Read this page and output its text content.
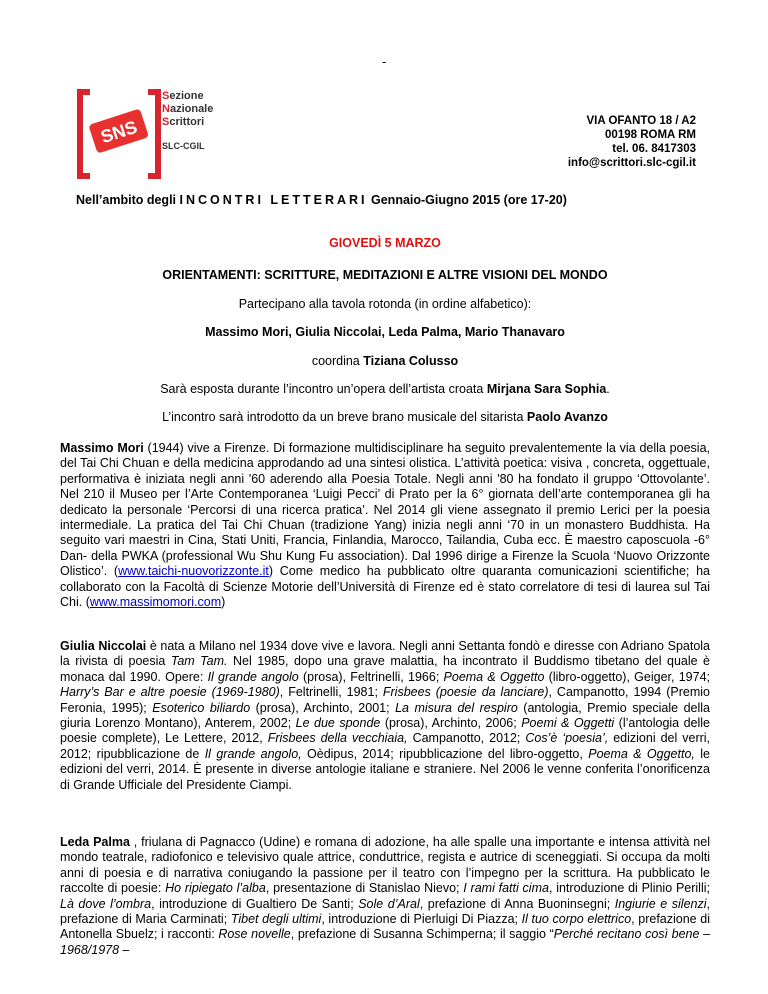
-
SNS
Sezione
Nazionale
Scrittori
SLC-CGIL
VIA OFANTO 18 / A2
00198 ROMA RM
tel. 06. 8417303
info@scrittori.slc-cgil.it
Nell’ambito degli INCONTRI LETTERARI Gennaio-Giugno 2015 (ore 17-20)
GIOVEDÌ 5 MARZO
ORIENTAMENTI: SCRITTURE, MEDITAZIONI E ALTRE VISIONI DEL MONDO
Partecipano alla tavola rotonda (in ordine alfabetico):
Massimo Mori, Giulia Niccolai, Leda Palma, Mario Thanavaro
coordina Tiziana Colusso
Sarà esposta durante l’incontro un’opera dell’artista croata Mirjana Sara Sophia.
L’incontro sarà introdotto da un breve brano musicale del sitarista Paolo Avanzo

Massimo Mori (1944) vive a Firenze. Di formazione multidisciplinare ha seguito prevalentemente la via della poesia, del Tai Chi Chuan e della medicina approdando ad una sintesi olistica. L’attività poetica: visiva , concreta, oggettuale, performativa è iniziata negli anni '60 aderendo alla Poesia Totale. Negli anni '80 ha fondato il gruppo ‘Ottovolante’. Nel 210 il Museo per l’Arte Contemporanea ‘Luigi Pecci’ di Prato per la 6° giornata dell’arte contemporanea gli ha dedicato la personale ‘Percorsi di una ricerca pratica’. Nel 2014 gli viene assegnato il premio Lerici per la poesia intermediale. La pratica del Tai Chi Chuan (tradizione Yang) inizia negli anni ‘70 in un monastero Buddhista. Ha seguito vari maestri in Cina, Stati Uniti, Francia, Finlandia, Marocco, Tailandia, Cuba ecc. È maestro caposcuola -6° Dan- della PWKA (professional Wu Shu Kung Fu association). Dal 1996 dirige a Firenze la Scuola ‘Nuovo Orizzonte Olistico’. (www.taichi-nuovorizzonte.it) Come medico ha pubblicato oltre quaranta comunicazioni scientifiche; ha collaborato con la Facoltà di Scienze Motorie dell’Università di Firenze ed è stato correlatore di tesi di laurea sul Tai Chi. (www.massimomori.com)

Giulia Niccolai è nata a Milano nel 1934 dove vive e lavora. Negli anni Settanta fondò e diresse con Adriano Spatola la rivista di poesia Tam Tam. Nel 1985, dopo una grave malattia, ha incontrato il Buddismo tibetano del quale è monaca dal 1990. Opere: Il grande angolo (prosa), Feltrinelli, 1966; Poema & Oggetto (libro-oggetto), Geiger, 1974; Harry’s Bar e altre poesie (1969-1980), Feltrinelli, 1981; Frisbees (poesie da lanciare), Campanotto, 1994 (Premio Feronia, 1995); Esoterico biliardo (prosa), Archinto, 2001; La misura del respiro (antologia, Premio speciale della giuria Lorenzo Montano), Anterem, 2002; Le due sponde (prosa), Archinto, 2006; Poemi & Oggetti (l’antologia delle poesie complete), Le Lettere, 2012, Frisbees della vecchiaia, Campanotto, 2012; Cos’è ‘poesia’, edizioni del verri, 2012; ripubblicazione de Il grande angolo, Oèdipus, 2014; ripubblicazione del libro-oggetto, Poema & Oggetto, le edizioni del verri, 2014. È presente in diverse antologie italiane e straniere. Nel 2006 le venne conferita l’onorificenza di Grande Ufficiale del Presidente Ciampi.

Leda Palma , friulana di Pagnacco (Udine) e romana di adozione, ha alle spalle una importante e intensa attività nel mondo teatrale, radiofonico e televisivo quale attrice, conduttrice, regista e autrice di sceneggiati. Si occupa da molti anni di poesia e di narrativa coniugando la passione per il teatro con l’impegno per la scrittura. Ha pubblicato le raccolte di poesie: Ho ripiegato l’alba, presentazione di Stanislao Nievo; I rami fatti cima, introduzione di Plinio Perilli; Là dove l’ombra, introduzione di Gualtiero De Santi; Sole d’Aral, prefazione di Anna Buoninsegni; Ingiurie e silenzi, prefazione di Maria Carminati; Tibet degli ultimi, introduzione di Pierluigi Di Piazza; Il tuo corpo elettrico, prefazione di Antonella Sbuelz; i racconti: Rose novelle, prefazione di Susanna Schimperna; il saggio “Perché recitano così bene – 1968/1978 –
